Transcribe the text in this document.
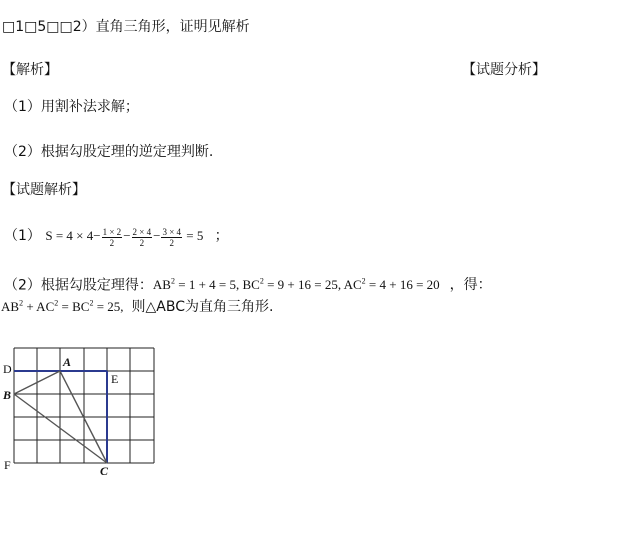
□1□5□□2）直角三角形，证明见解析
【解析】	【试题分析】
（1）用割补法求解；
（2）根据勾股定理的逆定理判断.
【试题解析】
（1） $S = 4 \times 4- \frac{1 \times 2}{2} - \frac{2 \times 4}{2} - \frac{3 \times 4}{2} = 5$ ；
（2）根据勾股定理得：$AB^2 = 1 + 4 = 5$, $BC^2 = 9 + 16 = 25$, $AC^2 = 4 + 16 = 20$ ，得：
$AB^2 + AC^2 = BC^2 = 25$, 则△ABC为直角三角形.
D	A
E
B
F	C
